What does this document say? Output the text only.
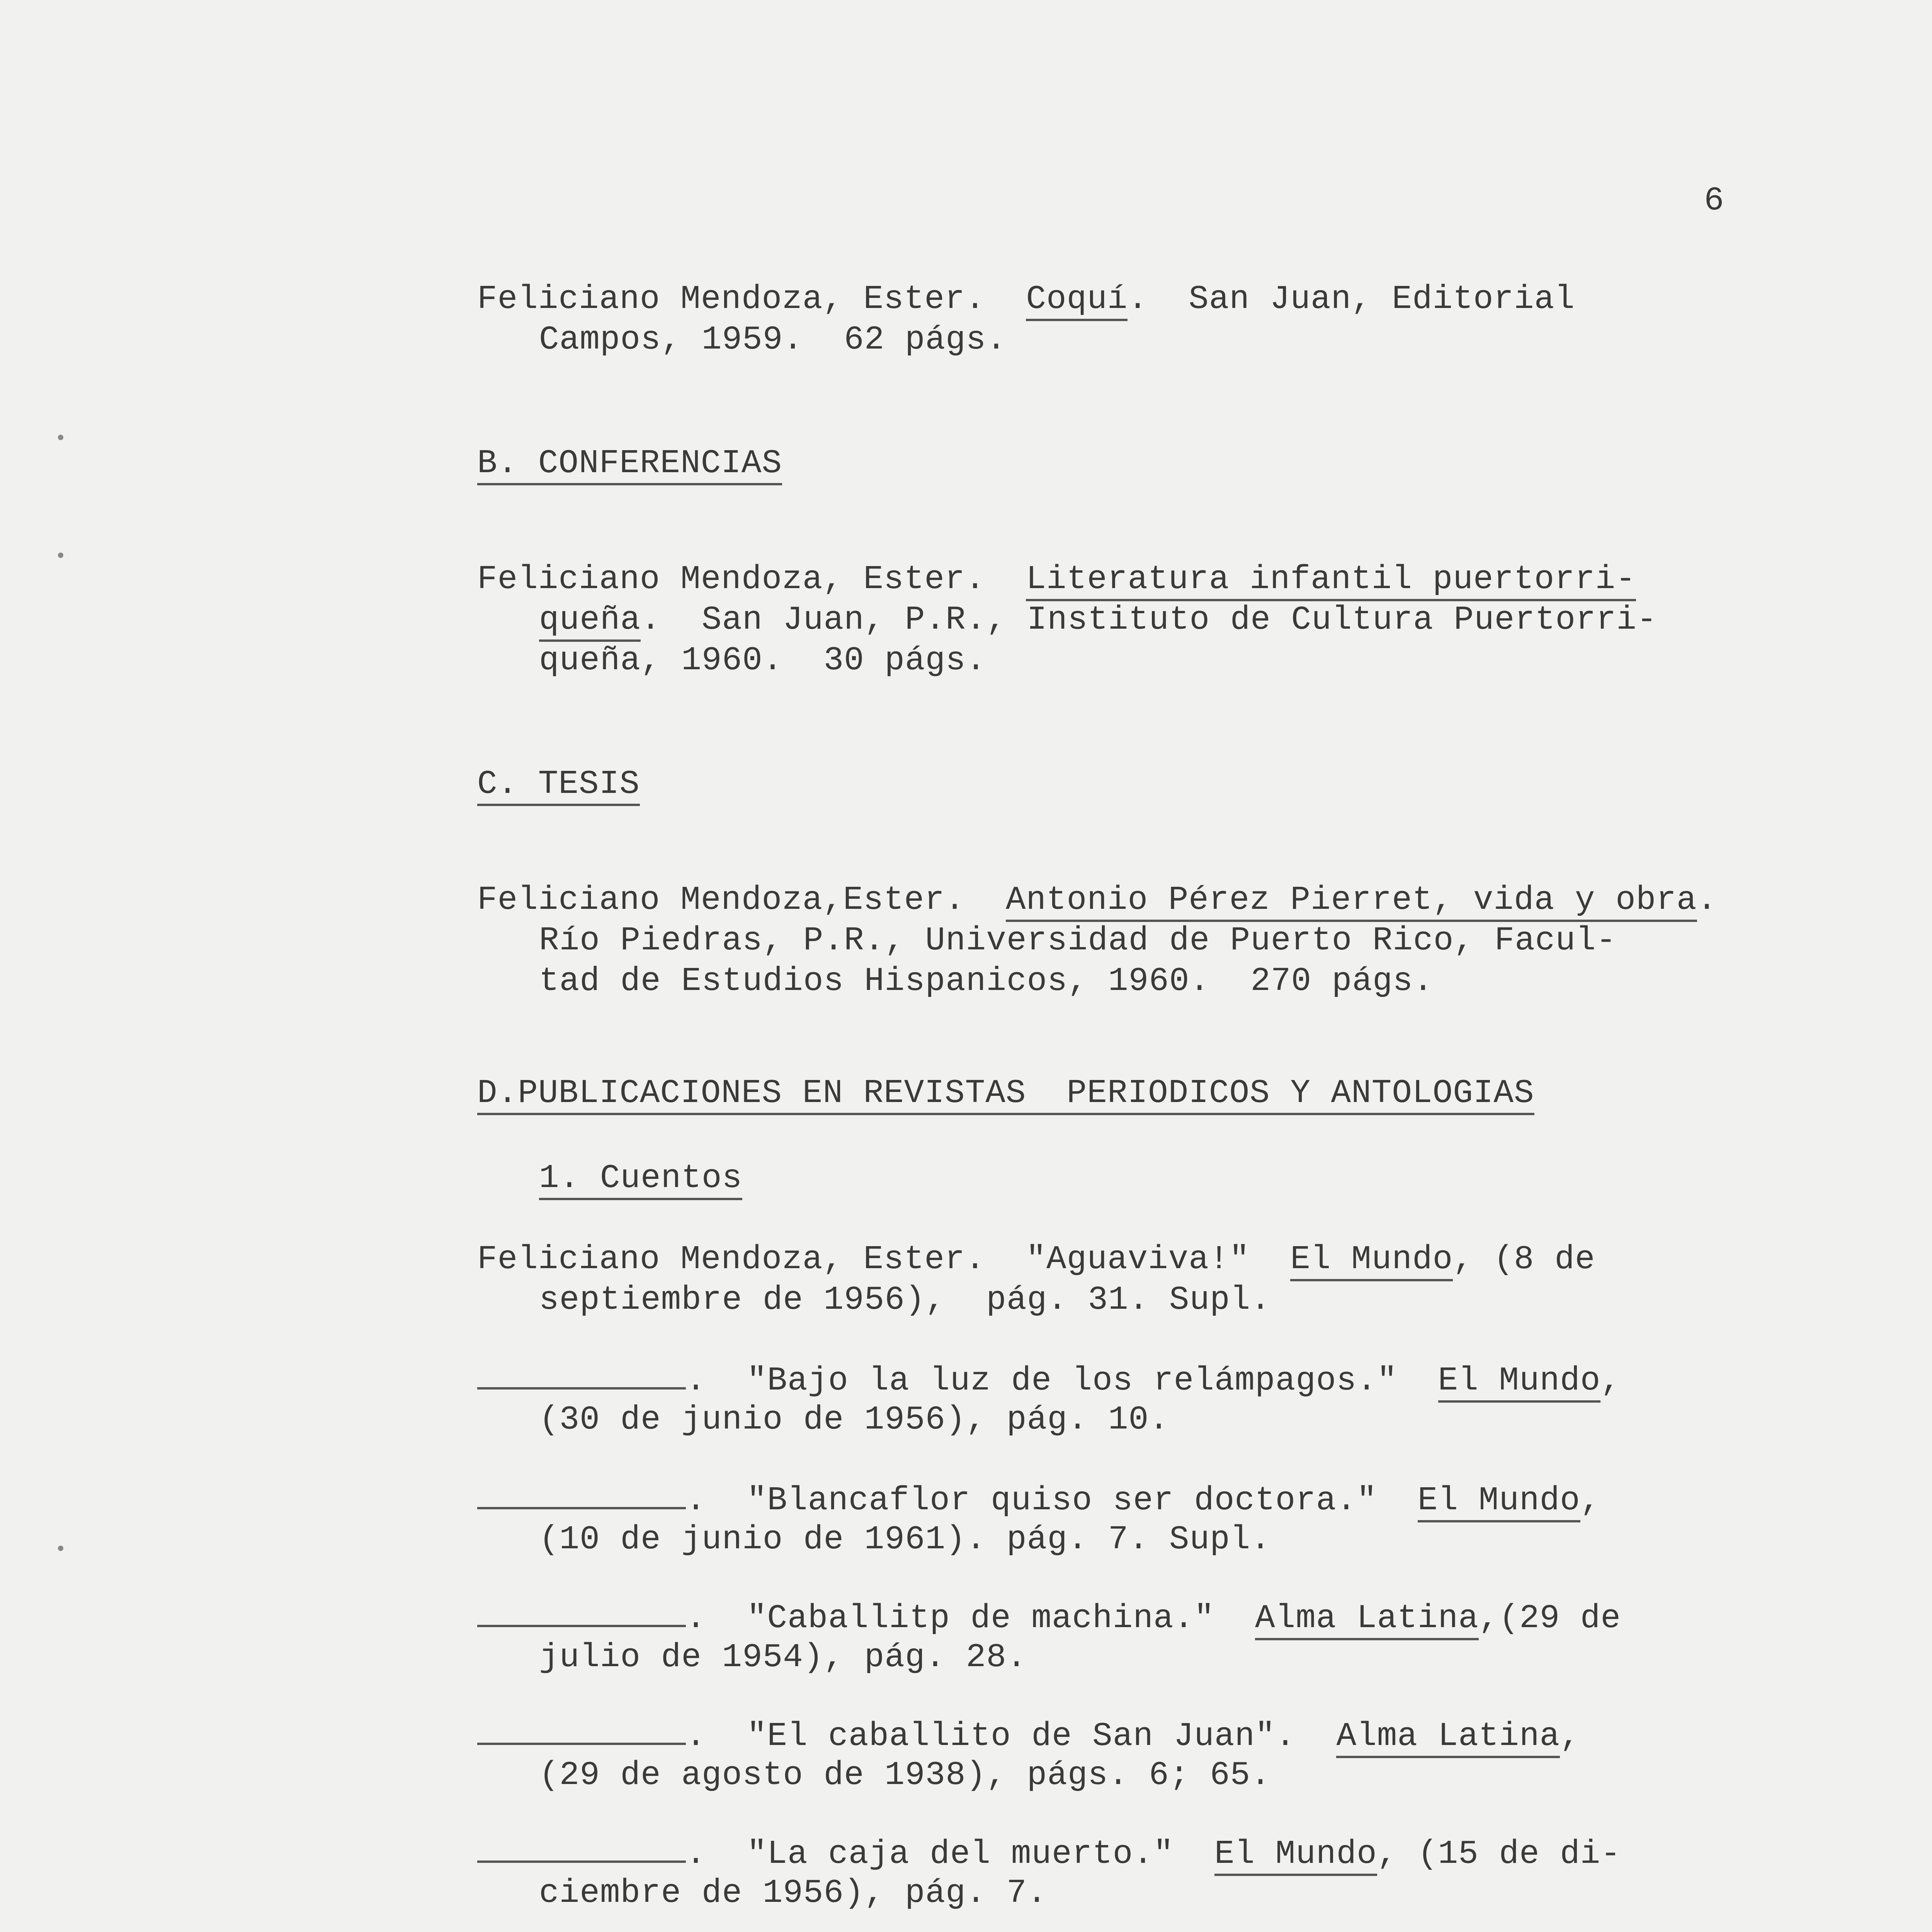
6
Feliciano Mendoza, Ester.  Coquí.  San Juan, Editorial
Campos, 1959.  62 págs.
B. CONFERENCIAS
Feliciano Mendoza, Ester.  Literatura infantil puertorri-
queña.  San Juan, P.R., Instituto de Cultura Puertorri-
queña, 1960.  30 págs.
C. TESIS
Feliciano Mendoza,Ester.  Antonio Pérez Pierret, vida y obra.
Río Piedras, P.R., Universidad de Puerto Rico, Facul-
tad de Estudios Hispanicos, 1960.  270 págs.
D.PUBLICACIONES EN REVISTAS  PERIODICOS Y ANTOLOGIAS
1. Cuentos
Feliciano Mendoza, Ester.  "Aguaviva!"  El Mundo, (8 de
septiembre de 1956),  pág. 31. Supl.
.  "Bajo la luz de los relámpagos."  El Mundo,
(30 de junio de 1956), pág. 10.
.  "Blancaflor quiso ser doctora."  El Mundo,
(10 de junio de 1961). pág. 7. Supl.
.  "Caballitp de machina."  Alma Latina,(29 de
julio de 1954), pág. 28.
.  "El caballito de San Juan".  Alma Latina,
(29 de agosto de 1938), págs. 6; 65.
.  "La caja del muerto."  El Mundo, (15 de di-
ciembre de 1956), pág. 7.
